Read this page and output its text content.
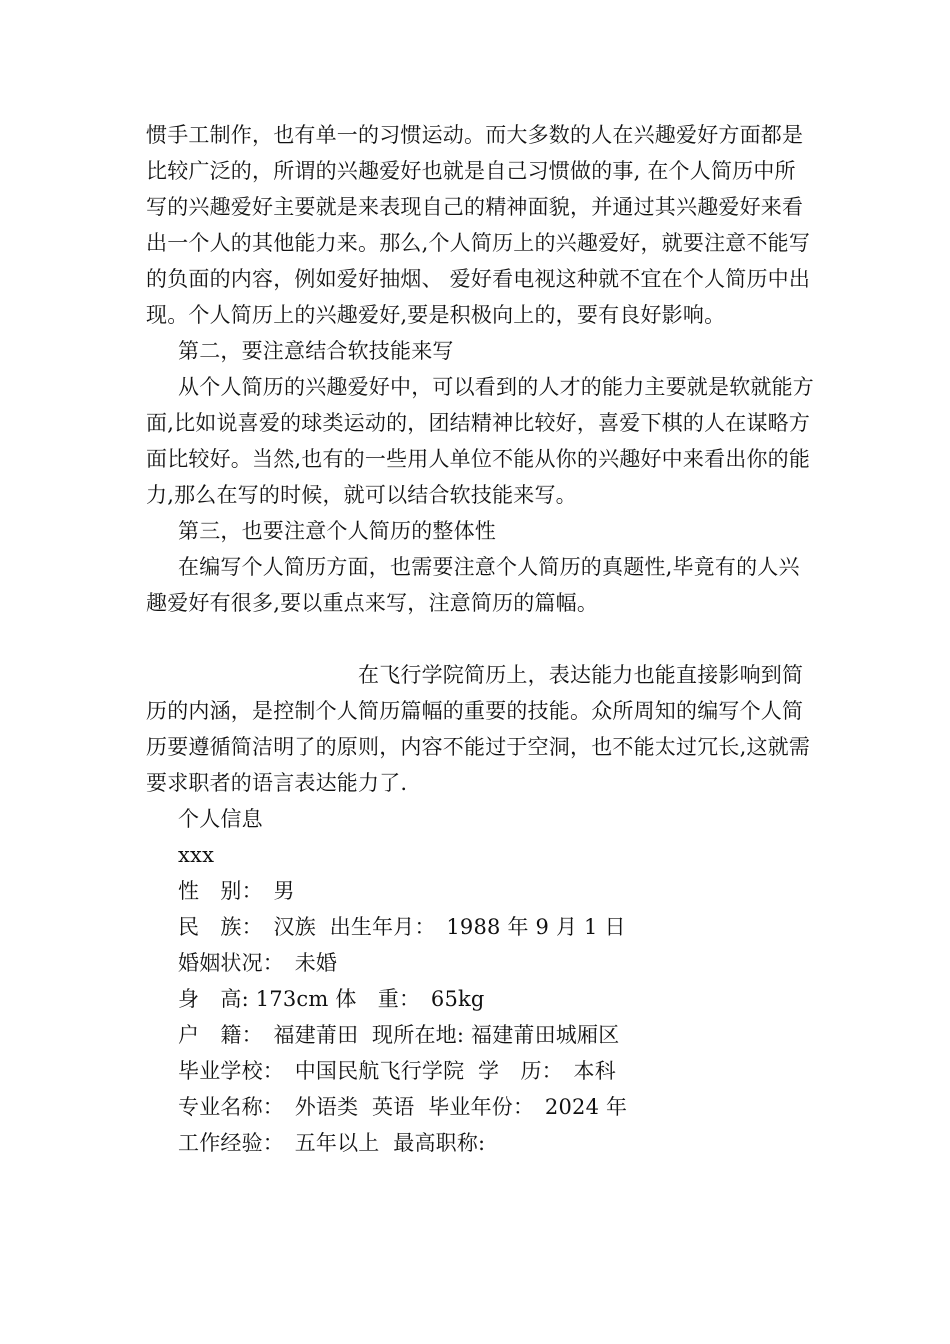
惯手工制作，也有单一的习惯运动。而大多数的人在兴趣爱好方面都是比较广泛的，所谓的兴趣爱好也就是自己习惯做的事, 在个人简历中所写的兴趣爱好主要就是来表现自己的精神面貌，并通过其兴趣爱好来看出一个人的其他能力来。那么,个人简历上的兴趣爱好，就要注意不能写的负面的内容，例如爱好抽烟、 爱好看电视这种就不宜在个人简历中出现。个人简历上的兴趣爱好,要是积极向上的，要有良好影响。

第二，要注意结合软技能来写

从个人简历的兴趣爱好中，可以看到的人才的能力主要就是软就能方面,比如说喜爱的球类运动的，团结精神比较好，喜爱下棋的人在谋略方面比较好。当然,也有的一些用人单位不能从你的兴趣好中来看出你的能力,那么在写的时候，就可以结合软技能来写。

第三，也要注意个人简历的整体性

在编写个人简历方面，也需要注意个人简历的真题性,毕竟有的人兴趣爱好有很多,要以重点来写，注意简历的篇幅。

在飞行学院简历上，表达能力也能直接影响到简历的内涵，是控制个人简历篇幅的重要的技能。众所周知的编写个人简历要遵循简洁明了的原则，内容不能过于空洞，也不能太过冗长,这就需要求职者的语言表达能力了.

个人信息

xxx

性　别：　男

民　族：　汉族  出生年月：　1988 年 9 月 1 日

婚姻状况：　未婚

身　高: 173cm 体　重：　65kg

户　籍：　福建莆田  现所在地: 福建莆田城厢区

毕业学校：　中国民航飞行学院  学　历：　本科

专业名称：　外语类  英语  毕业年份：　2024 年

工作经验：　五年以上  最高职称:
